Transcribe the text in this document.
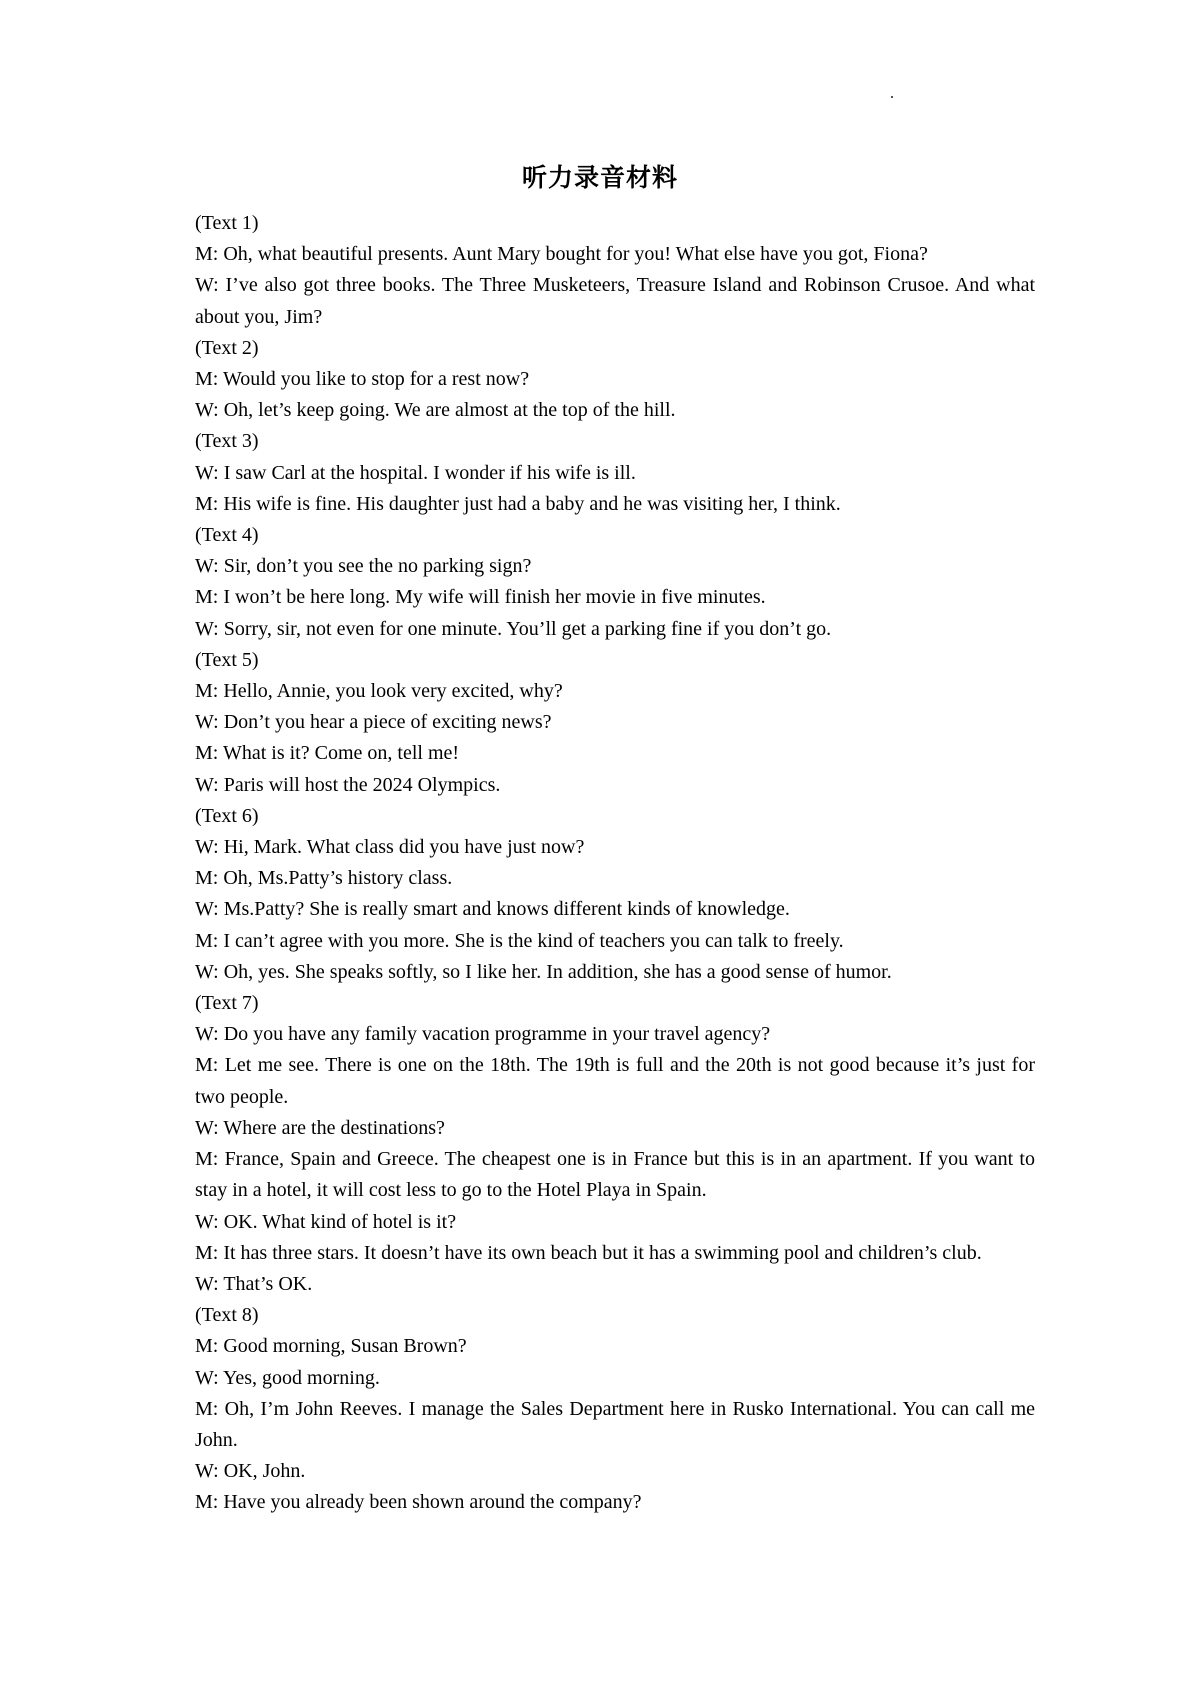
听力录音材料

(Text 1)

M: Oh, what beautiful presents. Aunt Mary bought for you! What else have you got, Fiona?

W: I’ve also got three books. The Three Musketeers, Treasure Island and Robinson Crusoe. And what about you, Jim?

(Text 2)

M: Would you like to stop for a rest now?

W: Oh, let’s keep going. We are almost at the top of the hill.

(Text 3)

W: I saw Carl at the hospital. I wonder if his wife is ill.

M: His wife is fine. His daughter just had a baby and he was visiting her, I think.

(Text 4)

W: Sir, don’t you see the no parking sign?

M: I won’t be here long. My wife will finish her movie in five minutes.

W: Sorry, sir, not even for one minute. You’ll get a parking fine if you don’t go.

(Text 5)

M: Hello, Annie, you look very excited, why?

W: Don’t you hear a piece of exciting news?

M: What is it? Come on, tell me!

W: Paris will host the 2024 Olympics.

(Text 6)

W: Hi, Mark. What class did you have just now?

M: Oh, Ms.Patty’s history class.

W: Ms.Patty? She is really smart and knows different kinds of knowledge.

M: I can’t agree with you more. She is the kind of teachers you can talk to freely.

W: Oh, yes. She speaks softly, so I like her. In addition, she has a good sense of humor.

(Text 7)

W: Do you have any family vacation programme in your travel agency?

M: Let me see. There is one on the 18th. The 19th is full and the 20th is not good because it’s just for two people.

W: Where are the destinations?

M: France, Spain and Greece. The cheapest one is in France but this is in an apartment. If you want to stay in a hotel, it will cost less to go to the Hotel Playa in Spain.

W: OK. What kind of hotel is it?

M: It has three stars. It doesn’t have its own beach but it has a swimming pool and children’s club.

W: That’s OK.

(Text 8)

M: Good morning, Susan Brown?

W: Yes, good morning.

M: Oh, I’m John Reeves. I manage the Sales Department here in Rusko International. You can call me John.

W: OK, John.

M: Have you already been shown around the company?
